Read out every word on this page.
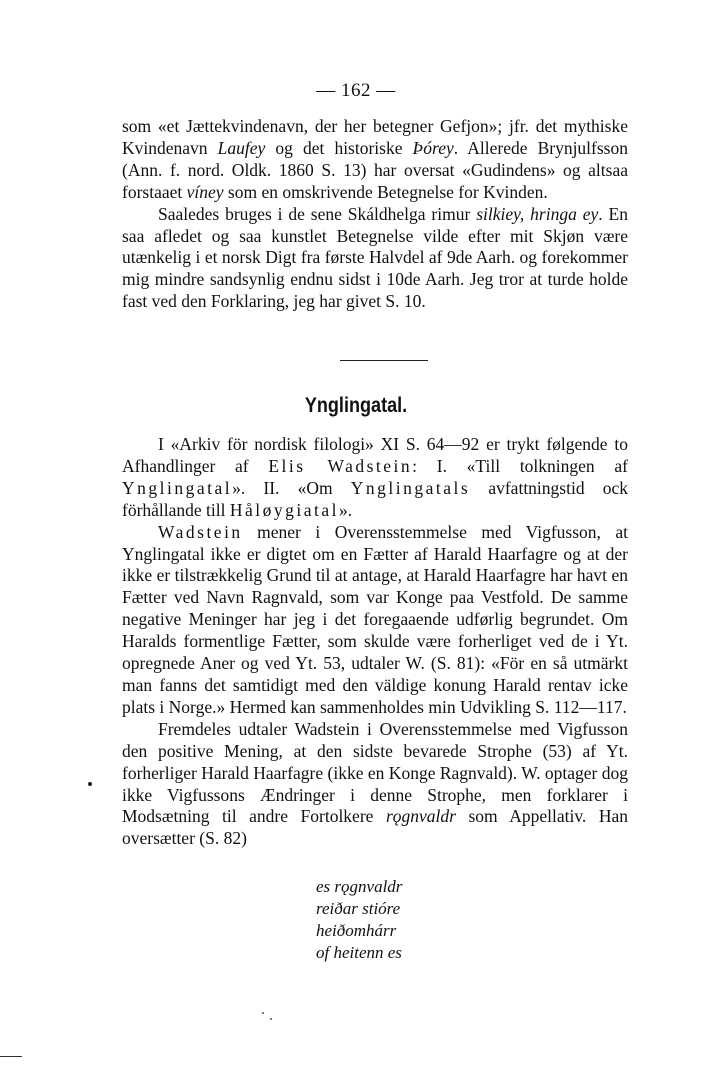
— 162 —

som «et Jættekvindenavn, der her betegner Gefjon»; jfr. det mythiske Kvindenavn Laufey og det historiske Þórey. Allerede Brynjulfsson (Ann. f. nord. Oldk. 1860 S. 13) har oversat «Gudindens» og altsaa forstaaet víney som en omskrivende Betegnelse for Kvinden.

Saaledes bruges i de sene Skáldhelga rimur silkiey, hringa ey. En saa afledet og saa kunstlet Betegnelse vilde efter mit Skjøn være utænkelig i et norsk Digt fra første Halvdel af 9de Aarh. og forekommer mig mindre sandsynlig endnu sidst i 10de Aarh. Jeg tror at turde holde fast ved den Forklaring, jeg har givet S. 10.

Ynglingatal.

I «Arkiv för nordisk filologi» XI S. 64—92 er trykt følgende to Afhandlinger af Elis Wadstein: I. «Till tolkningen af Ynglingatal». II. «Om Ynglingatals avfattningstid ock förhållande till Håløygiatal».

Wadstein mener i Overensstemmelse med Vigfusson, at Ynglingatal ikke er digtet om en Fætter af Harald Haarfagre og at der ikke er tilstrækkelig Grund til at antage, at Harald Haarfagre har havt en Fætter ved Navn Ragnvald, som var Konge paa Vestfold. De samme negative Meninger har jeg i det foregaaende udførlig begrundet. Om Haralds formentlige Fætter, som skulde være forherliget ved de i Yt. opregnede Aner og ved Yt. 53, udtaler W. (S. 81): «För en så utmärkt man fanns det samtidigt med den väldige konung Harald rentav icke plats i Norge.» Hermed kan sammenholdes min Udvikling S. 112—117.

Fremdeles udtaler Wadstein i Overensstemmelse med Vigfusson den positive Mening, at den sidste bevarede Strophe (53) af Yt. forherliger Harald Haarfagre (ikke en Konge Ragnvald). W. optager dog ikke Vigfussons Ændringer i denne Strophe, men forklarer i Modsætning til andre Fortolkere rǫgnvaldr som Appellativ. Han oversætter (S. 82)

es rǫgnvaldr
reiðar stióre
heiðomhárr
of heitenn es
